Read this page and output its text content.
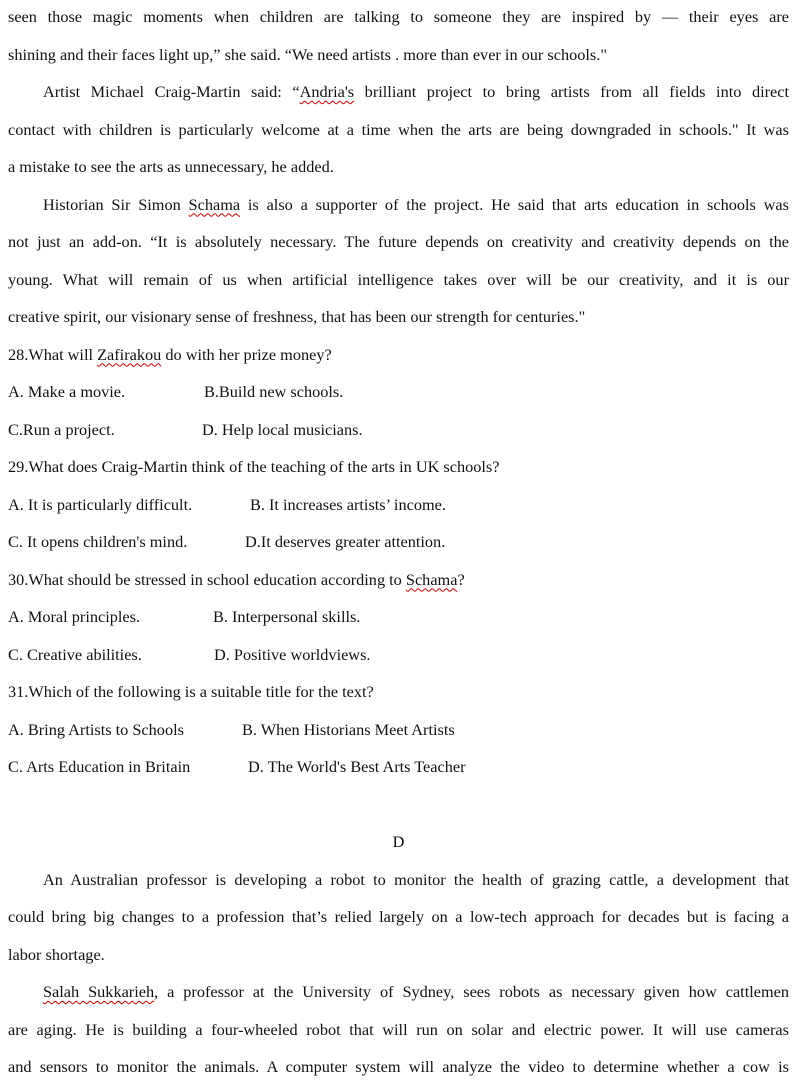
seen those magic moments when children are talking to someone they are inspired by — their eyes are

shining and their faces light up,” she said. “We need artists . more than ever in our schools."

Artist Michael Craig-Martin said: “Andria's brilliant project to bring artists from all fields into direct

contact with children is particularly welcome at a time when the arts are being downgraded in schools." It was

a mistake to see the arts as unnecessary, he added.

Historian Sir Simon Schama is also a supporter of the project. He said that arts education in schools was

not just an add-on. “It is absolutely necessary. The future depends on creativity and creativity depends on the

young. What will remain of us when artificial intelligence takes over will be our creativity, and it is our

creative spirit, our visionary sense of freshness, that has been our strength for centuries."

28.What will Zafirakou do with her prize money?

A. Make a movie.	B.Build new schools.
C.Run a project.	D. Help local musicians.

29.What does Craig-Martin think of the teaching of the arts in UK schools?

A. It is particularly difficult.	B. It increases artists’ income.
C. It opens children's mind.	D.It deserves greater attention.

30.What should be stressed in school education according to Schama?

A. Moral principles.	B. Interpersonal skills.
C. Creative abilities.	D. Positive worldviews.

31.Which of the following is a suitable title for the text?

A. Bring Artists to Schools	B. When Historians Meet Artists
C. Arts Education in Britain	D. The World's Best Arts Teacher

D

An Australian professor is developing a robot to monitor the health of grazing cattle, a development that

could bring big changes to a profession that’s relied largely on a low-tech approach for decades but is facing a

labor shortage.

Salah Sukkarieh, a professor at the University of Sydney, sees robots as necessary given how cattlemen

are aging. He is building a four-wheeled robot that will run on solar and electric power. It will use cameras

and sensors to monitor the animals. A computer system will analyze the video to determine whether a cow is
